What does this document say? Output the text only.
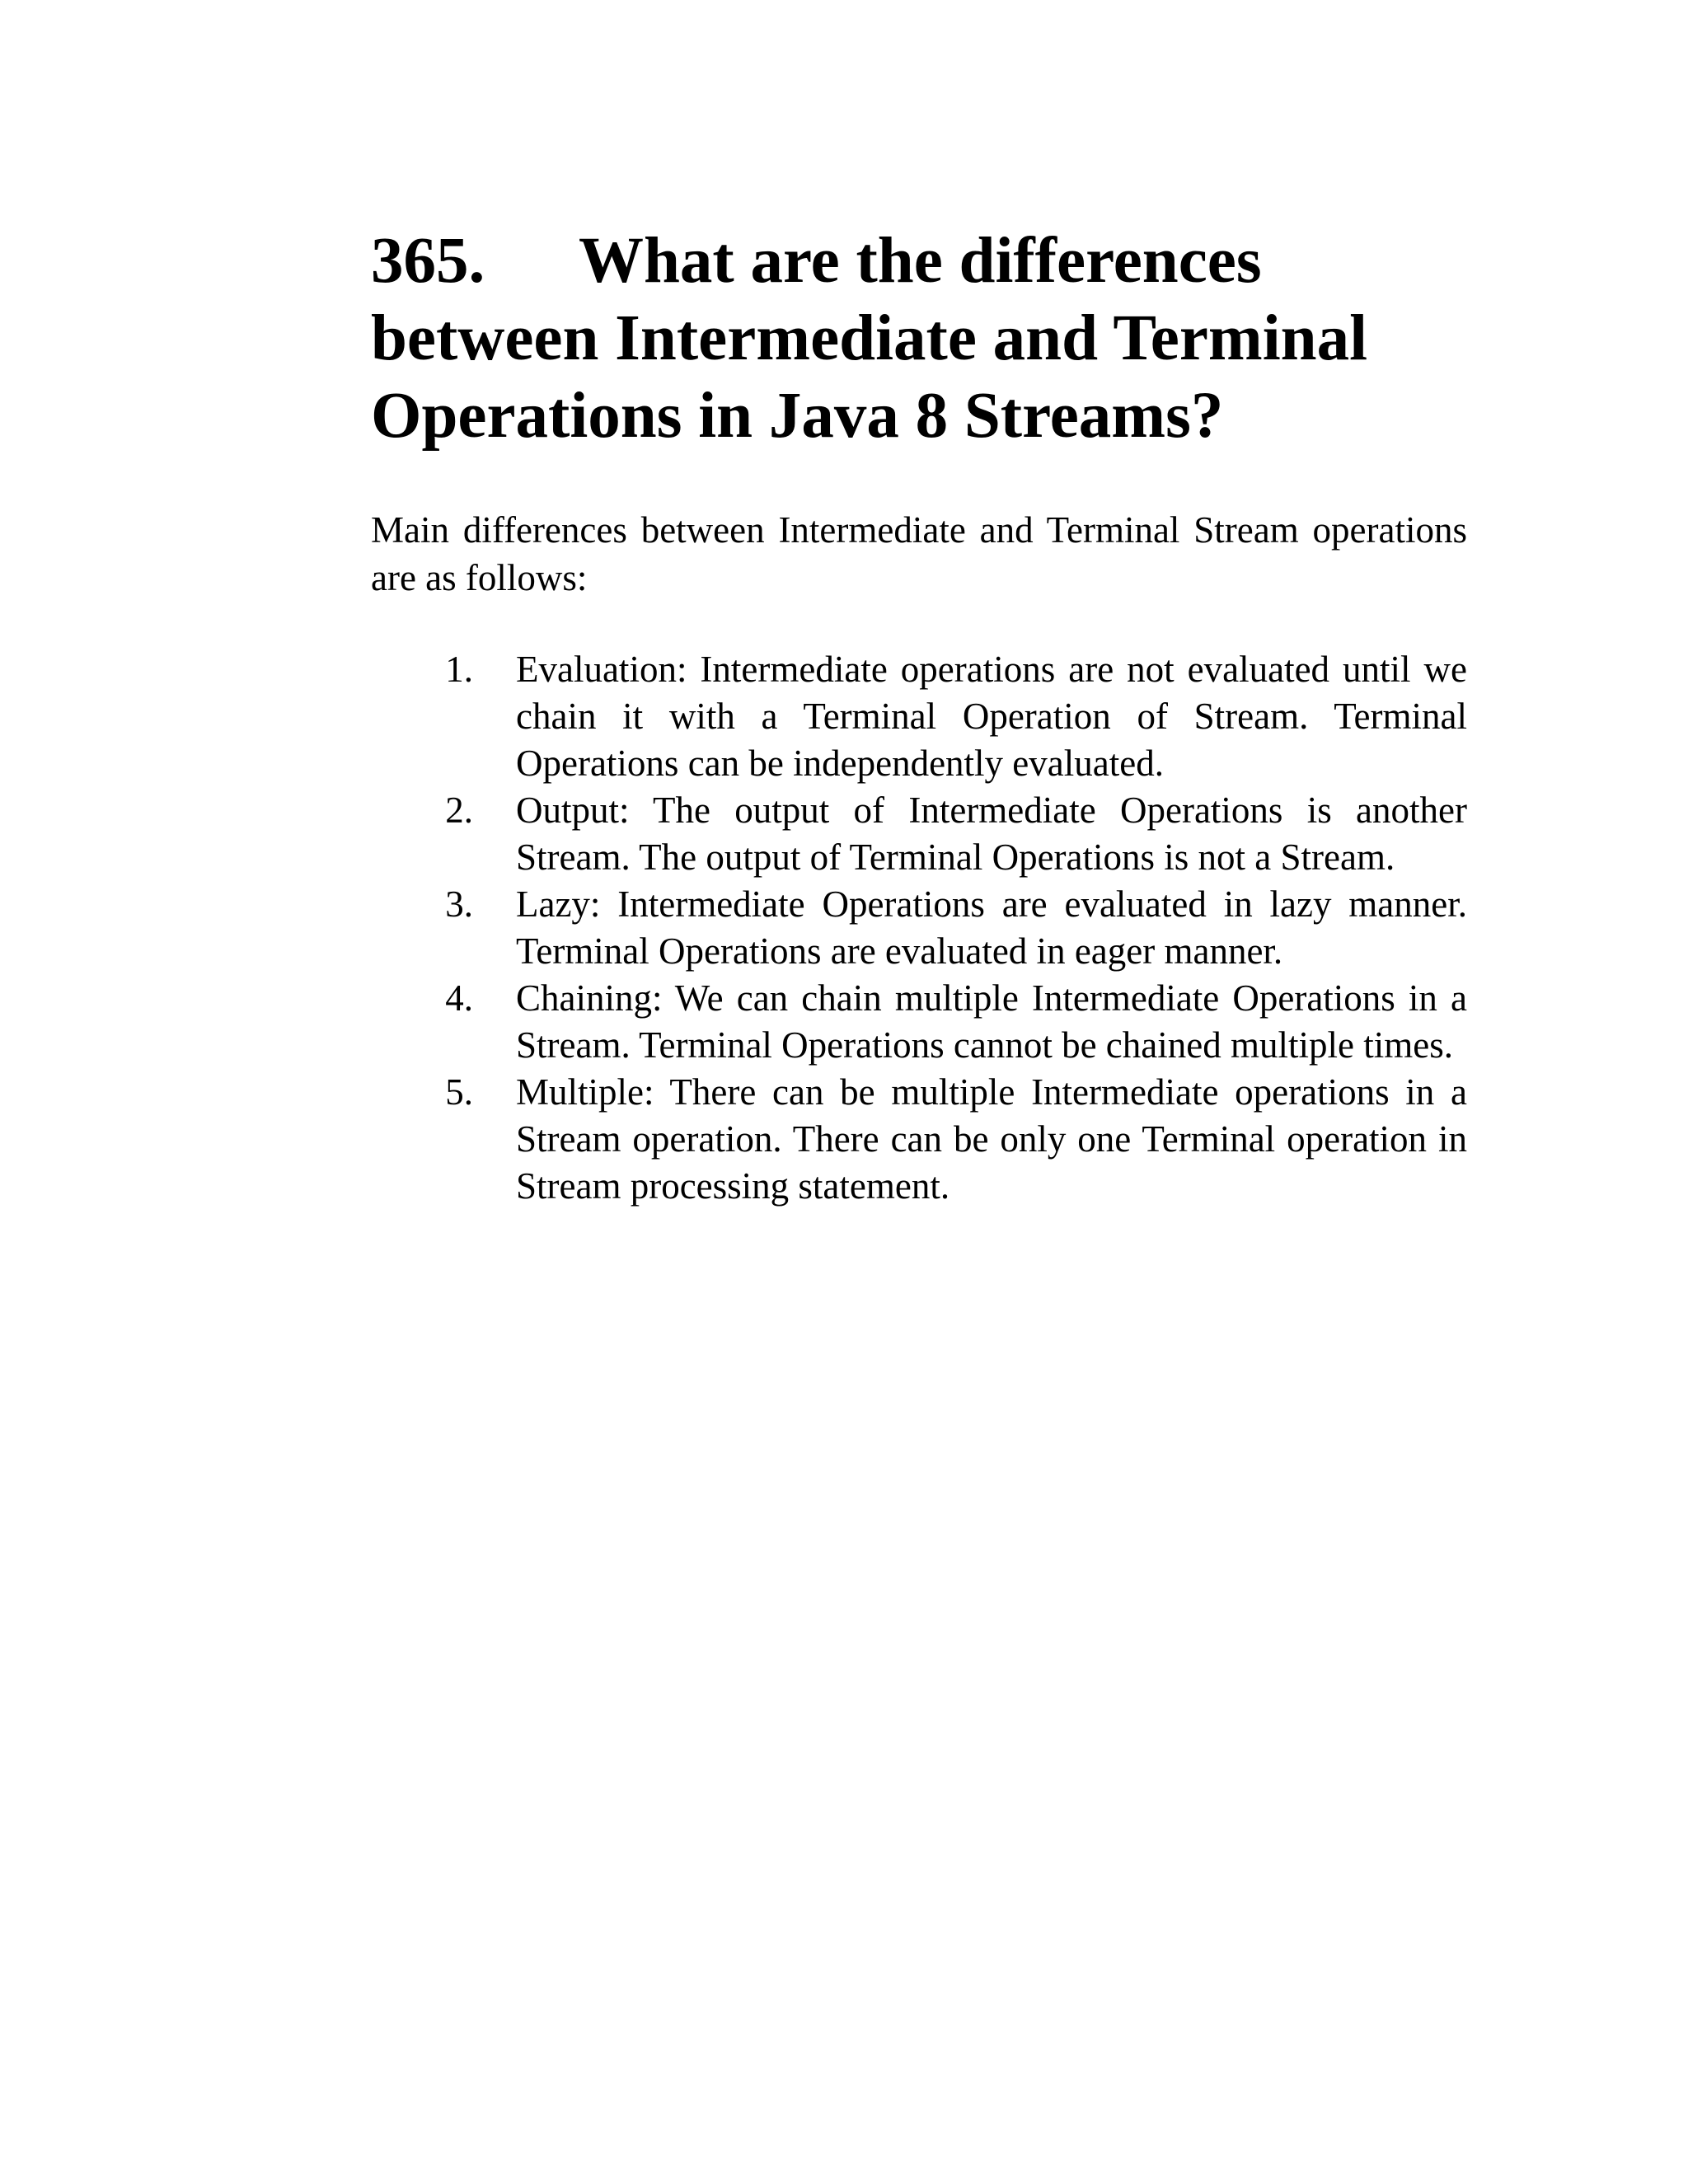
365. What are the differences between Intermediate and Terminal Operations in Java 8 Streams?

Main differences between Intermediate and Terminal Stream operations are as follows:

1.	Evaluation: Intermediate operations are not evaluated until we chain it with a Terminal Operation of Stream. Terminal Operations can be independently evaluated.
2.	Output: The output of Intermediate Operations is another Stream. The output of Terminal Operations is not a Stream.
3.	Lazy: Intermediate Operations are evaluated in lazy manner. Terminal Operations are evaluated in eager manner.
4.	Chaining: We can chain multiple Intermediate Operations in a Stream. Terminal Operations cannot be chained multiple times.
5.	Multiple: There can be multiple Intermediate operations in a Stream operation. There can be only one Terminal operation in Stream processing statement.
